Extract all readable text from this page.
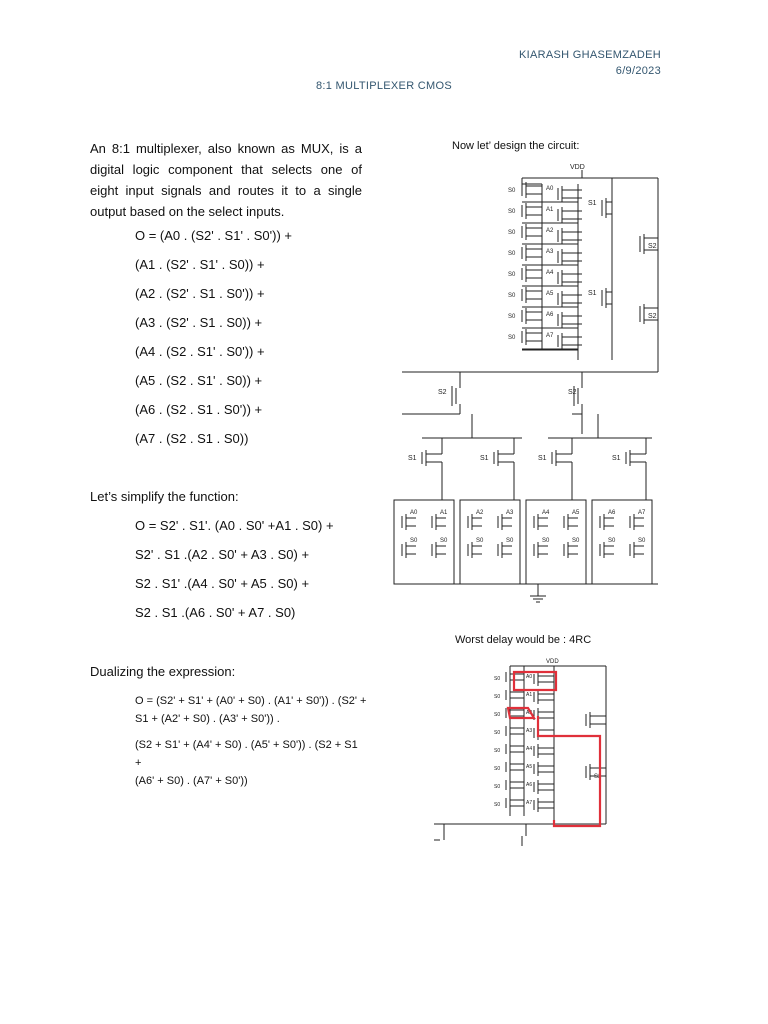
KIARASH GHASEMZADEH
6/9/2023
8:1 MULTIPLEXER CMOS
An 8:1 multiplexer, also known as MUX, is a digital logic component that selects one of eight input signals and routes it to a single output based on the select inputs.
O = (A0 . (S2' . S1' . S0')) +
(A1 . (S2' . S1' . S0)) +
(A2 . (S2' . S1 . S0')) +
(A3 . (S2' . S1 . S0)) +
(A4 . (S2 . S1' . S0')) +
(A5 . (S2 . S1' . S0)) +
(A6 . (S2 . S1 . S0')) +
(A7 . (S2 . S1 . S0))
Let’s simplify the function:
O = S2' . S1'. (A0 . S0' +A1 . S0) +
S2' . S1 .(A2 . S0' + A3 . S0) +
S2 . S1' .(A4 . S0' + A5 . S0) +
S2 . S1 .(A6 . S0' + A7 . S0)
Dualizing the expression:
O = (S2' + S1' + (A0' + S0) . (A1' + S0')) . (S2' +
S1 + (A2' + S0) . (A3' + S0')) .
(S2 + S1' + (A4' + S0) . (A5' + S0')) . (S2 + S1 +
(A6' + S0) . (A7' + S0'))
Now let’ design the circuit:
VDD
S0	A0
S0	A1
S0	A2
S0	A3
S0	A4
S0	A5
S0	A6
S0	A7
S1
S1
S2
S2
S2	S2
S1	S1	S1	S1
A0
S0
A1
S0
A2
S0
A3
S0
A4
S0
A5
S0
A6
S0
A7
S0
Worst delay would be : 4RC
VDD
S0	A0
S0	A1
S0	A2
S0	A3
S0	A4
S0	A5
S0	A6
S0	A7
S2
